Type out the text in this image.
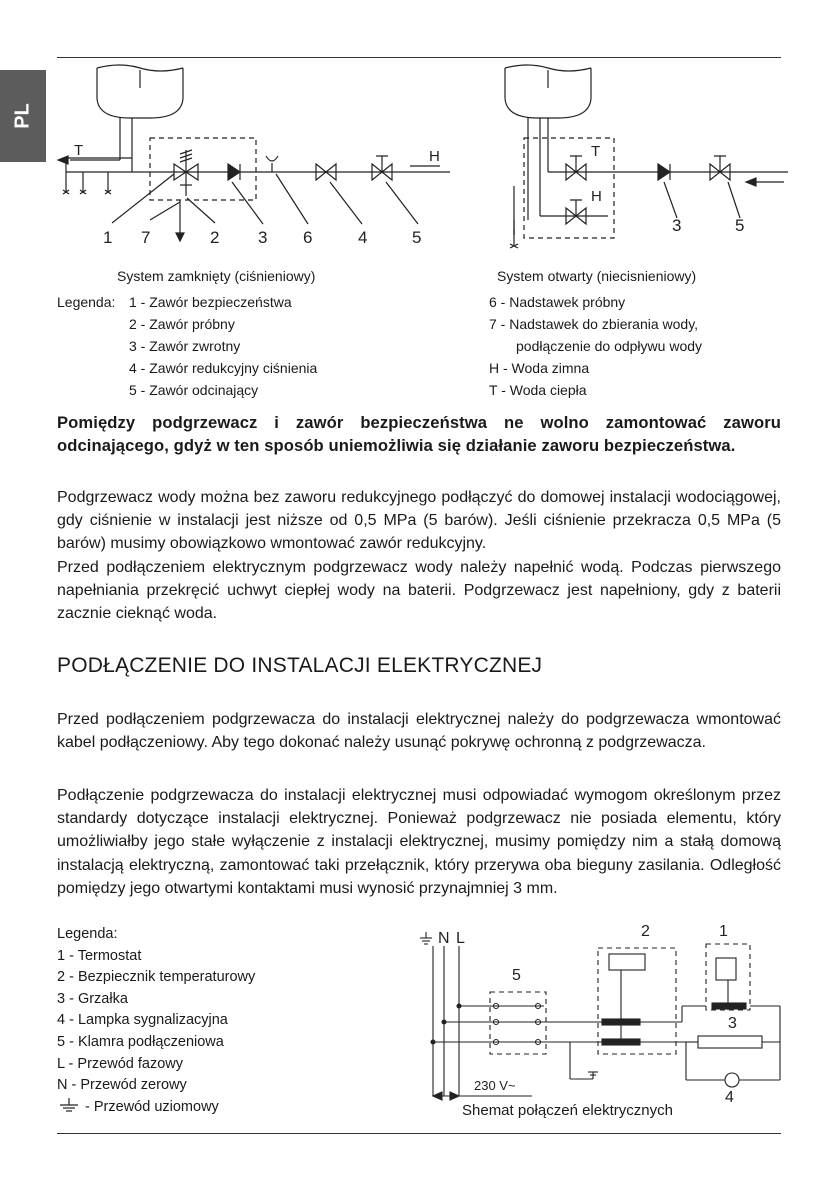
PL
T
1 7	2 3 6	4	5
H
System zamknięty (ciśnieniowy)
T
H
3	5
System otwarty (niecisnieniowy)
Legenda: 1 - Zawór bezpieczeństwa
2 - Zawór próbny
3 - Zawór zwrotny
4 - Zawór redukcyjny ciśnienia
5 - Zawór odcinający
6 - Nadstawek próbny
7 - Nadstawek do zbierania wody,
podłączenie do odpływu wody
H - Woda zimna
T - Woda ciepła

Pomiędzy podgrzewacz i zawór bezpieczeństwa ne wolno zamontować zaworu odcinającego, gdyż w ten sposób uniemożliwia się działanie zaworu bezpieczeństwa.

Podgrzewacz wody można bez zaworu redukcyjnego podłączyć do domowej instalacji wodociągowej, gdy ciśnienie w instalacji jest niższe od 0,5 MPa (5 barów). Jeśli ciśnienie przekracza 0,5 MPa (5 barów) musimy obowiązkowo wmontować zawór redukcyjny.

Przed podłączeniem elektrycznym podgrzewacz wody należy napełnić wodą. Podczas pierwszego napełniania przekręcić uchwyt ciepłej wody na baterii. Podgrzewacz jest napełniony, gdy z baterii zacznie cieknąć woda.

PODŁĄCZENIE DO INSTALACJI ELEKTRYCZNEJ

Przed podłączeniem podgrzewacza do instalacji elektrycznej należy do podgrzewacza wmontować kabel podłączeniowy. Aby tego dokonać należy usunąć pokrywę ochronną z podgrzewacza.

Podłączenie podgrzewacza do instalacji elektrycznej musi odpowiadać wymogom określonym przez standardy dotyczące instalacji elektrycznej. Ponieważ podgrzewacz nie posiada elementu, który umożliwiałby jego stałe wyłączenie z instalacji elektrycznej, musimy pomiędzy nim a stałą domową instalacją elektryczną, zamontować taki przełącznik, który przerywa oba bieguny zasilania. Odległość pomiędzy jego otwartymi kontaktami musi wynosić przynajmniej 3 mm.

Legenda:
1 - Termostat
2 - Bezpiecznik temperaturowy
3 - Grzałka
4 - Lampka sygnalizacyjna
5 - Klamra podłączeniowa
L - Przewód fazowy
N - Przewód zerowy
- Przewód uziomowy
N L	2	1
5
3
4
230 V~
Shemat połączeń elektrycznych
